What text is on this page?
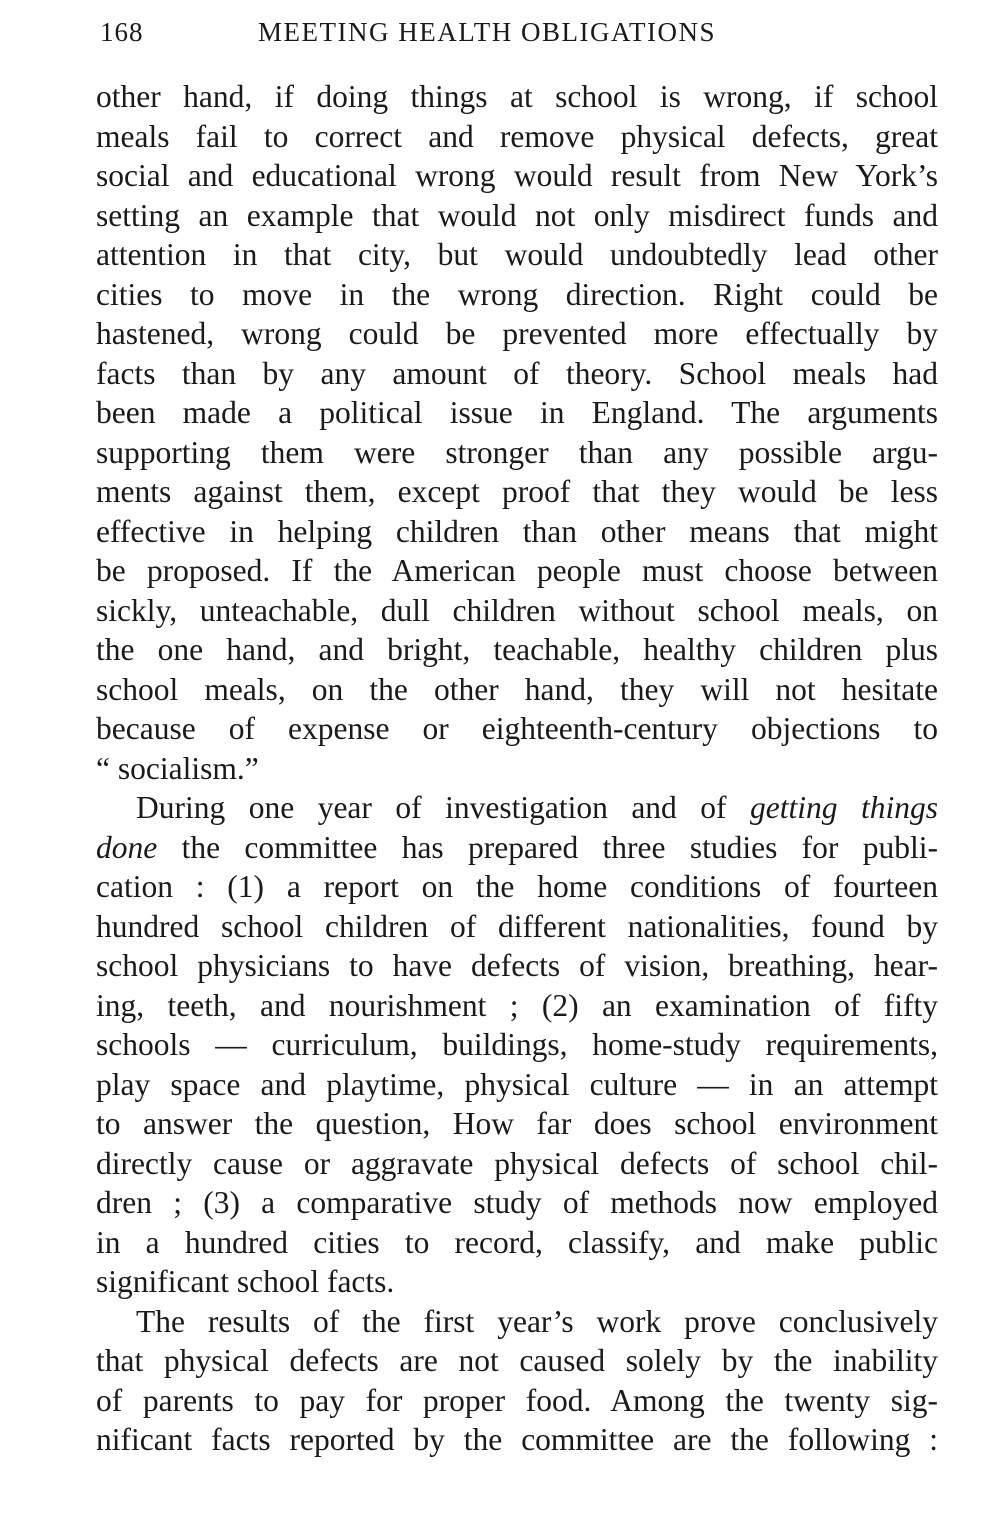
168	MEETING HEALTH OBLIGATIONS
other hand, if doing things at school is wrong, if school
meals fail to correct and remove physical defects, great
social and educational wrong would result from New York’s
setting an example that would not only misdirect funds and
attention in that city, but would undoubtedly lead other
cities to move in the wrong direction. Right could be
hastened, wrong could be prevented more effectually by
facts than by any amount of theory. School meals had
been made a political issue in England. The arguments
supporting them were stronger than any possible argu-
ments against them, except proof that they would be less
effective in helping children than other means that might
be proposed. If the American people must choose between
sickly, unteachable, dull children without school meals, on
the one hand, and bright, teachable, healthy children plus
school meals, on the other hand, they will not hesitate
because of expense or eighteenth-century objections to
“ socialism.”
During one year of investigation and of getting things
done the committee has prepared three studies for publi-
cation : (1) a report on the home conditions of fourteen
hundred school children of different nationalities, found by
school physicians to have defects of vision, breathing, hear-
ing, teeth, and nourishment ; (2) an examination of fifty
schools — curriculum, buildings, home-study requirements,
play space and playtime, physical culture — in an attempt
to answer the question, How far does school environment
directly cause or aggravate physical defects of school chil-
dren ; (3) a comparative study of methods now employed
in a hundred cities to record, classify, and make public
significant school facts.
The results of the first year’s work prove conclusively
that physical defects are not caused solely by the inability
of parents to pay for proper food. Among the twenty sig-
nificant facts reported by the committee are the following :
